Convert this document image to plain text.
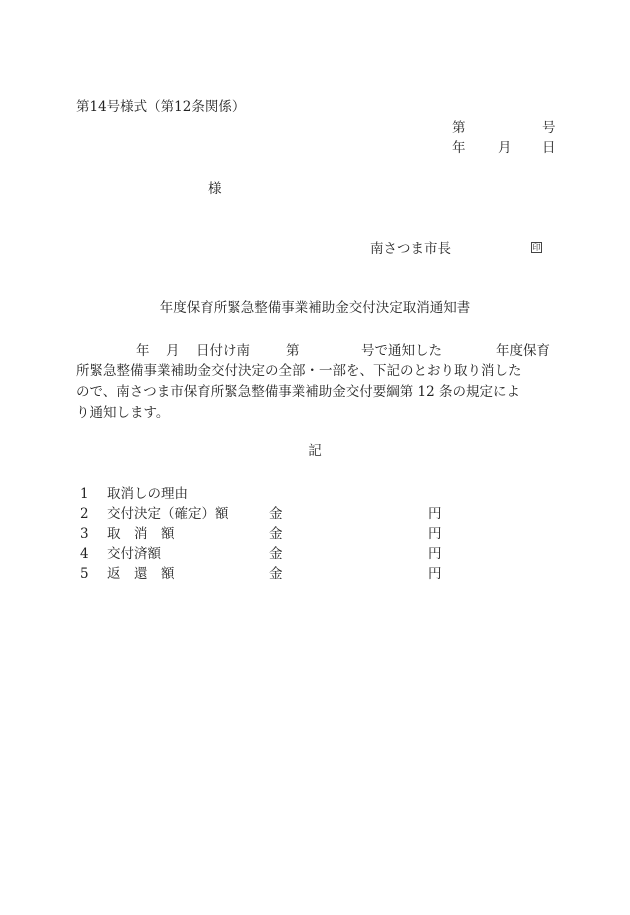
第14号様式（第12条関係）
第	号
年 月 日
様
南さつま市長	印
年度保育所緊急整備事業補助金交付決定取消通知書
年 月 日付け南	第	号で通知した	年度保育
所緊急整備事業補助金交付決定の全部・一部を、下記のとおり取り消した
ので、南さつま市保育所緊急整備事業補助金交付要綱第 12 条の規定によ
り通知します。
記
1 取消しの理由
2 交付決定（確定）額	金	円
3 取　消　額	金	円
4 交付済額	金	円
5 返　還　額	金	円
